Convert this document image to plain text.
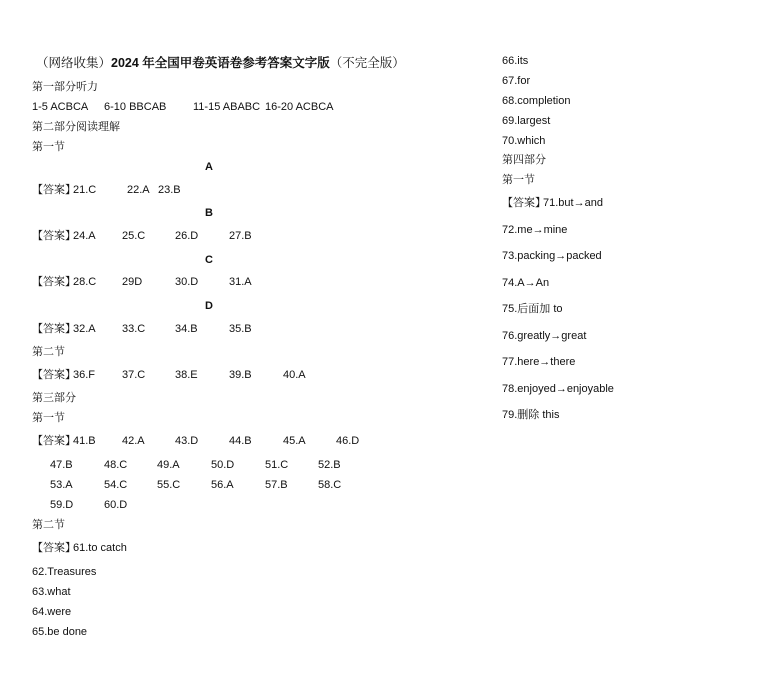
（网络收集）2024 年全国甲卷英语卷参考答案文字版（不完全版）
第一部分听力
1-5 ACBCA 6-10 BBCAB 11-15 ABABC 16-20 ACBCA
第二部分阅读理解
第一节
A
【答案】
21.C	22.A 23.B
B
【答案】
24.A 25.C	26.D	27.B
C
【答案】
28.C 29D	30.D	31.A
D
【答案】
32.A 33.C	34.B	35.B
第二节
【答案】
36.F 37.C	38.E	39.B	40.A
第三部分
第一节
【答案】
41.B 42.A	43.D	44.B	45.A	46.D
47.B	48.C	49.A	50.D	51.C	52.B
53.A	54.C	55.C	56.A	57.B	58.C
59.D	60.D
第二节
【答案】
61.to catch
62.Treasures
63.what
64.were
65.be done
66.its
67.for
68.completion
69.largest
70.which
第四部分
第一节
【答案】
71.but→and
72.me→mine
73.packing→packed
74.A→An
75.后面加 to
76.greatly→great
77.here→there
78.enjoyed→enjoyable
79.删除 this
